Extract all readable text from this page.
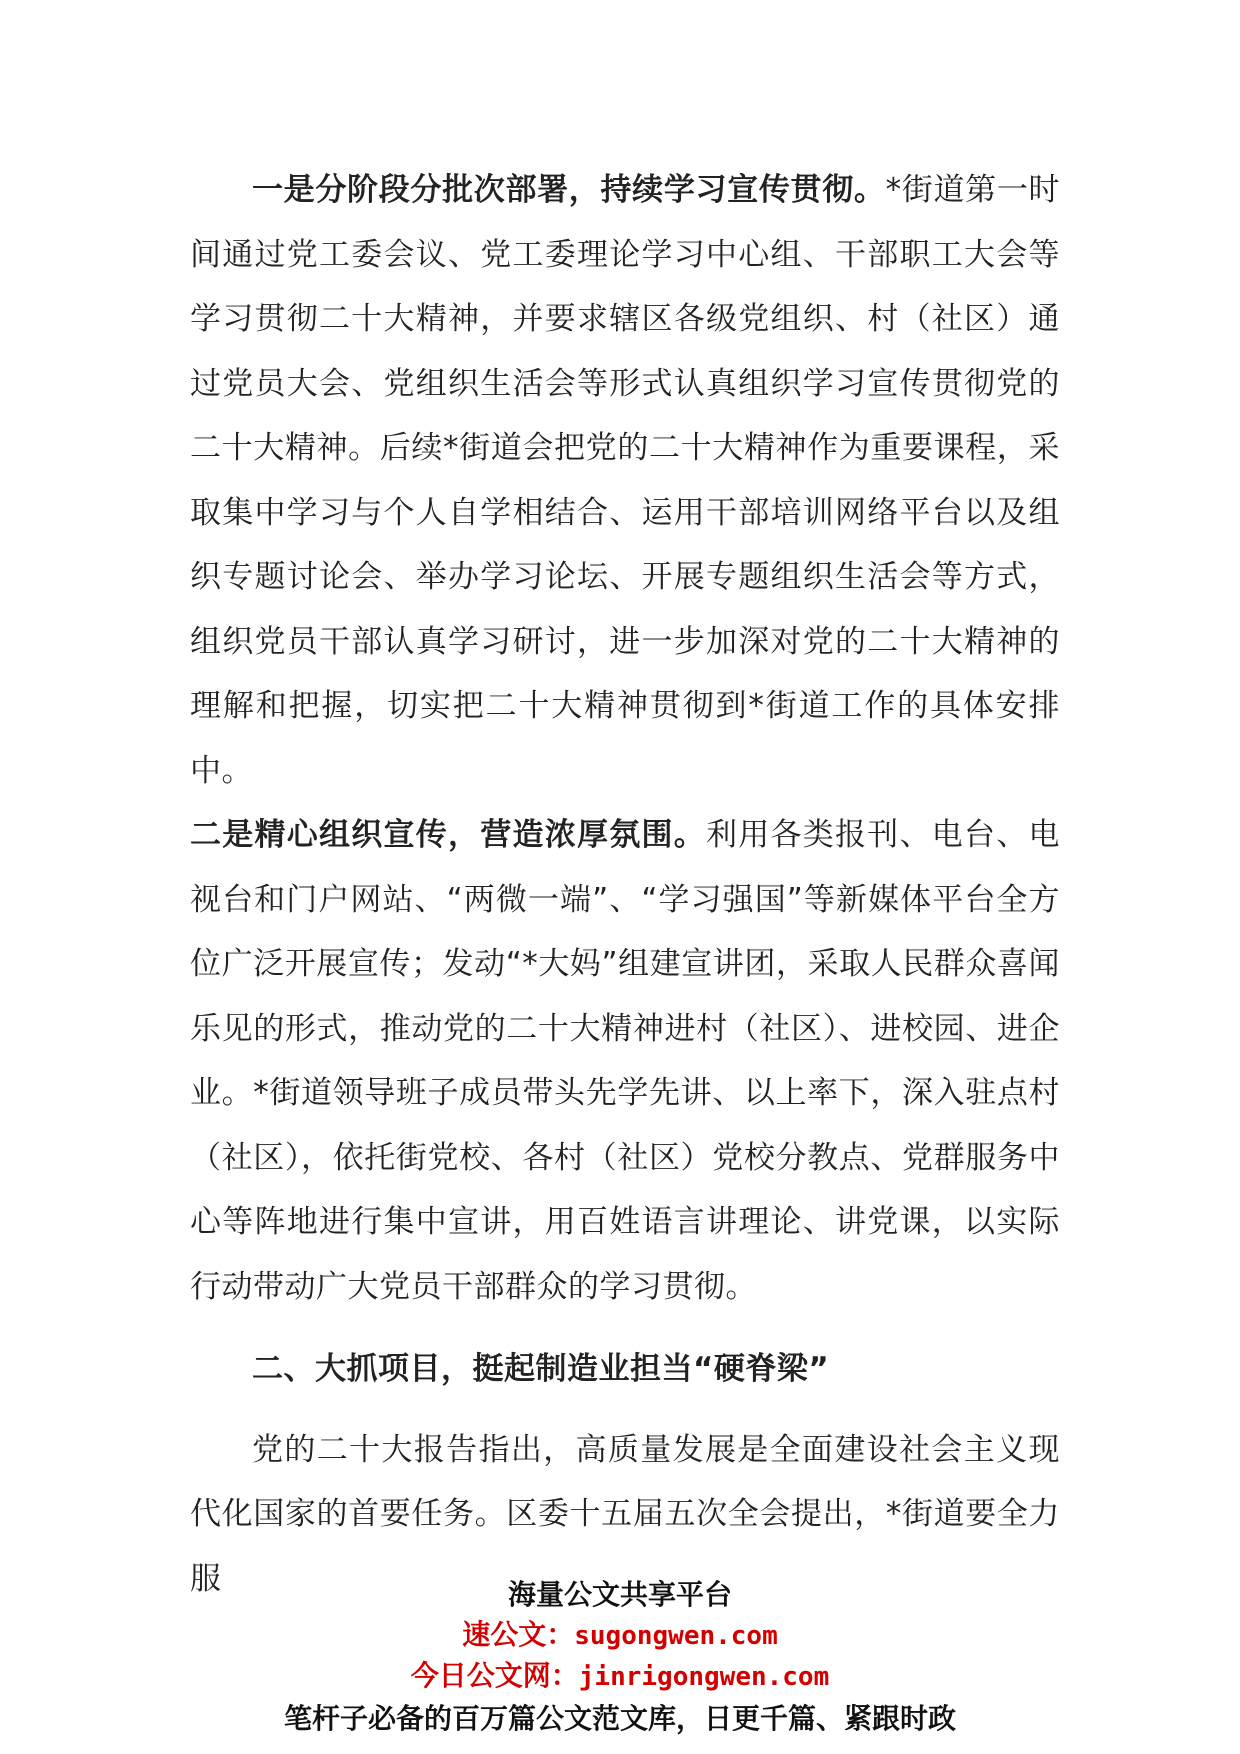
一是分阶段分批次部署，持续学习宣传贯彻。*街道第一时间通过党工委会议、党工委理论学习中心组、干部职工大会等学习贯彻二十大精神，并要求辖区各级党组织、村（社区）通过党员大会、党组织生活会等形式认真组织学习宣传贯彻党的二十大精神。后续*街道会把党的二十大精神作为重要课程，采取集中学习与个人自学相结合、运用干部培训网络平台以及组织专题讨论会、举办学习论坛、开展专题组织生活会等方式，组织党员干部认真学习研讨，进一步加深对党的二十大精神的理解和把握，切实把二十大精神贯彻到*街道工作的具体安排中。

二是精心组织宣传，营造浓厚氛围。利用各类报刊、电台、电视台和门户网站、“两微一端”、“学习强国”等新媒体平台全方位广泛开展宣传；发动“*大妈”组建宣讲团，采取人民群众喜闻乐见的形式，推动党的二十大精神进村（社区）、进校园、进企业。*街道领导班子成员带头先学先讲、以上率下，深入驻点村（社区），依托街党校、各村（社区）党校分教点、党群服务中心等阵地进行集中宣讲，用百姓语言讲理论、讲党课，以实际行动带动广大党员干部群众的学习贯彻。

二、大抓项目，挺起制造业担当“硬脊梁”

党的二十大报告指出，高质量发展是全面建设社会主义现代化国家的首要任务。区委十五届五次全会提出，*街道要全力服	海量公文共享平台

速公文：sugongwen.com

今日公文网：jinrigongwen.com

笔杆子必备的百万篇公文范文库，日更千篇、紧跟时政
